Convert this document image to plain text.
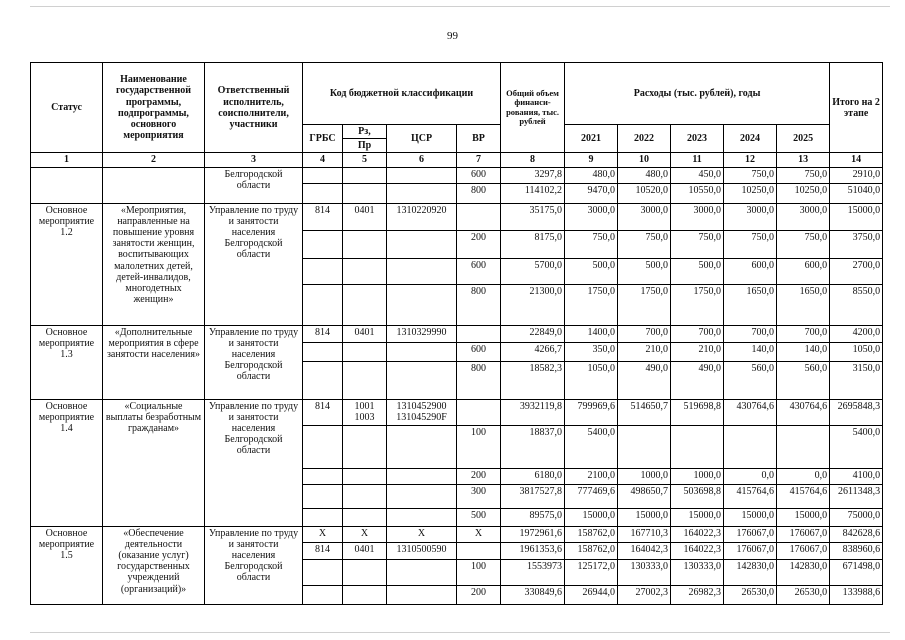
99
Статус	Наименование государственной программы, подпрограммы, основного мероприятия	Ответственный исполнитель, соисполнители, участники	Код бюджетной классификации				Общий объем финанси-рования, тыс. рублей	Расходы (тыс. рублей), годы					Итого на 2 этапе
			ГРБС	Рз,	ЦСР	ВР		2021	2022	2023	2024	2025	
				Пр									
1	2	3	4	5	6	7	8	9	10	11	12	13	14
		Белгородской области				600	3297,8	480,0	480,0	450,0	750,0	750,0	2910,0
						800	114102,2	9470,0	10520,0	10550,0	10250,0	10250,0	51040,0
Основное мероприятие 1.2	«Мероприятия, направленные на повышение уровня занятости женщин, воспитывающих малолетних детей, детей-инвалидов, многодетных женщин»	Управление по труду и занятости населения Белгородской области	814	0401	1310220920		35175,0	3000,0	3000,0	3000,0	3000,0	3000,0	15000,0
						200	8175,0	750,0	750,0	750,0	750,0	750,0	3750,0
						600	5700,0	500,0	500,0	500,0	600,0	600,0	2700,0
						800	21300,0	1750,0	1750,0	1750,0	1650,0	1650,0	8550,0
Основное мероприятие 1.3	«Дополнительные мероприятия в сфере занятости населения»	Управление по труду и занятости населения Белгородской области	814	0401	1310329990		22849,0	1400,0	700,0	700,0	700,0	700,0	4200,0
						600	4266,7	350,0	210,0	210,0	140,0	140,0	1050,0
						800	18582,3	1050,0	490,0	490,0	560,0	560,0	3150,0
Основное мероприятие 1.4	«Социальные выплаты безработным гражданам»	Управление по труду и занятости населения Белгородской области	814	1001 1003	1310452900 131045290F		3932119,8	799969,6	514650,7	519698,8	430764,6	430764,6	2695848,3
						100	18837,0	5400,0					5400,0
						200	6180,0	2100,0	1000,0	1000,0	0,0	0,0	4100,0
						300	3817527,8	777469,6	498650,7	503698,8	415764,6	415764,6	2611348,3
						500	89575,0	15000,0	15000,0	15000,0	15000,0	15000,0	75000,0
Основное мероприятие 1.5	«Обеспечение деятельности (оказание услуг) государственных учреждений (организаций)»	Управление по труду и занятости населения Белгородской области	Х	Х	Х	Х	1972961,6	158762,0	167710,3	164022,3	176067,0	176067,0	842628,6
			814	0401	1310500590		1961353,6	158762,0	164042,3	164022,3	176067,0	176067,0	838960,6
						100	1553973	125172,0	130333,0	130333,0	142830,0	142830,0	671498,0
						200	330849,6	26944,0	27002,3	26982,3	26530,0	26530,0	133988,6
